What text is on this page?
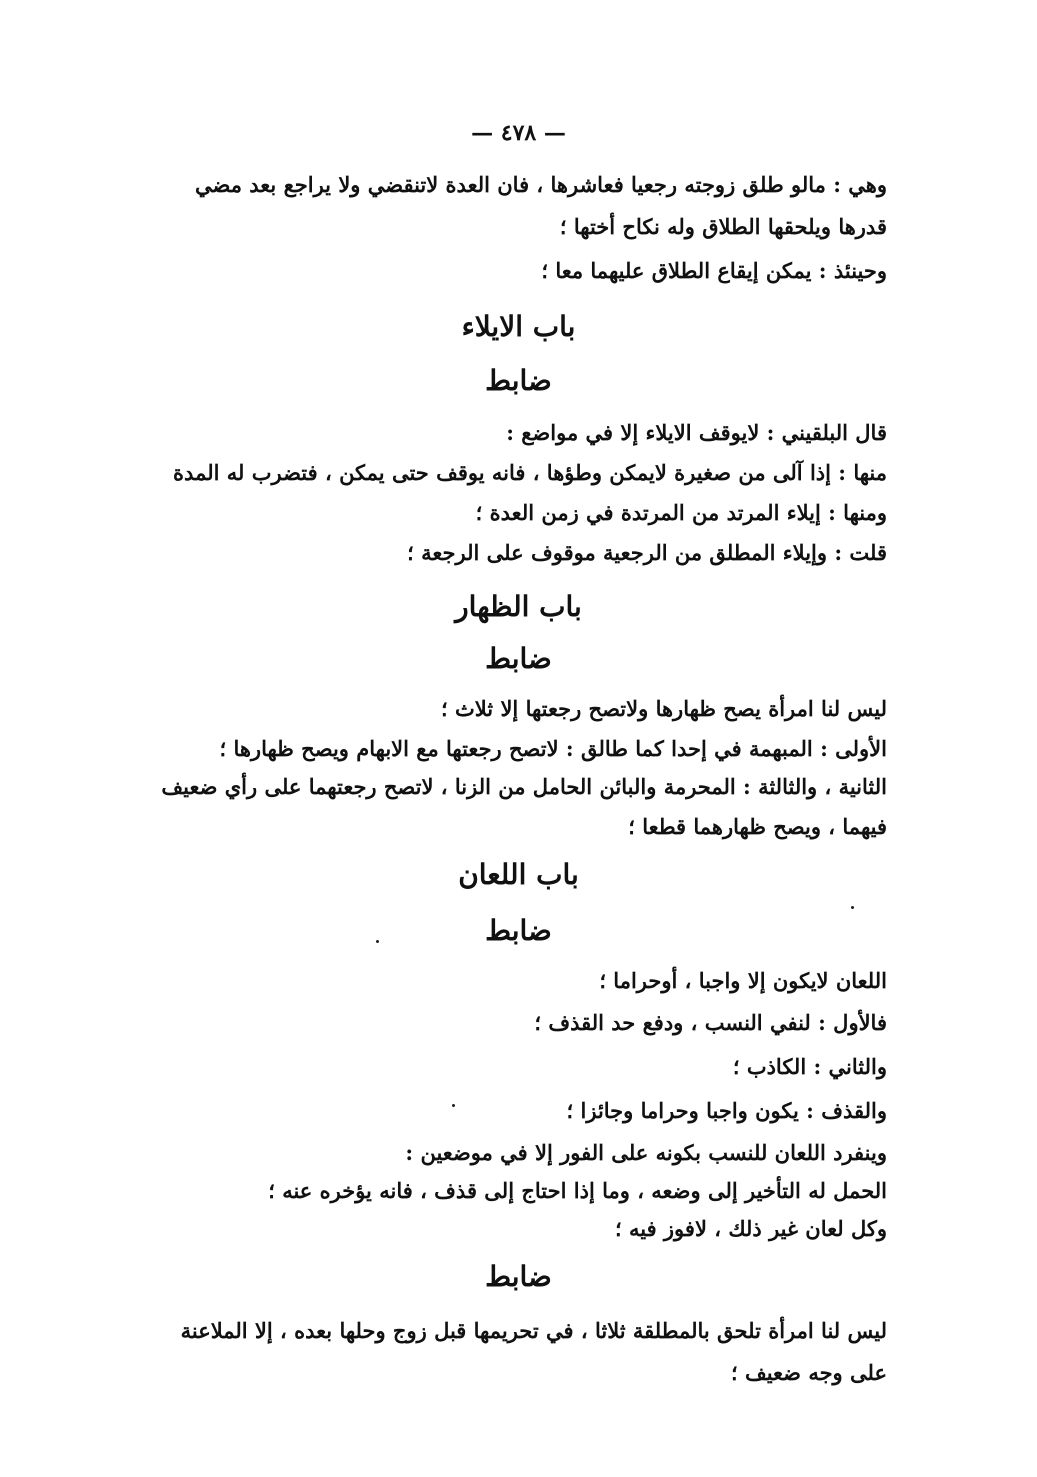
— ٤٧٨ —
وهي : مالو طلق زوجته رجعيا فعاشرها ، فان العدة لاتنقضي ولا يراجع بعد مضي
قدرها ويلحقها الطلاق وله نكاح أختها ؛
وحينئذ : يمكن إيقاع الطلاق عليهما معا ؛
باب الايلاء
ضابط
قال البلقيني : لايوقف الايلاء إلا في مواضع :
منها : إذا آلى من صغيرة لايمكن وطؤها ، فانه يوقف حتى يمكن ، فتضرب له المدة
ومنها : إيلاء المرتد من المرتدة في زمن العدة ؛
قلت : وإيلاء المطلق من الرجعية موقوف على الرجعة ؛
باب الظهار
ضابط
ليس لنا امرأة يصح ظهارها ولاتصح رجعتها إلا ثلاث ؛
الأولى : المبهمة في إحدا كما طالق : لاتصح رجعتها مع الابهام ويصح ظهارها ؛
الثانية ، والثالثة : المحرمة والبائن الحامل من الزنا ، لاتصح رجعتهما على رأي ضعيف
فيهما ، ويصح ظهارهما قطعا ؛
باب اللعان
ضابط
اللعان لايكون إلا واجبا ، أوحراما ؛
فالأول : لنفي النسب ، ودفع حد القذف ؛
والثاني : الكاذب ؛
والقذف : يكون واجبا وحراما وجائزا ؛
وينفرد اللعان للنسب بكونه على الفور إلا في موضعين :
الحمل له التأخير إلى وضعه ، وما إذا احتاج إلى قذف ، فانه يؤخره عنه ؛
وكل لعان غير ذلك ، لافوز فيه ؛
ضابط
ليس لنا امرأة تلحق بالمطلقة ثلاثا ، في تحريمها قبل زوج وحلها بعده ، إلا الملاعنة
على وجه ضعيف ؛
